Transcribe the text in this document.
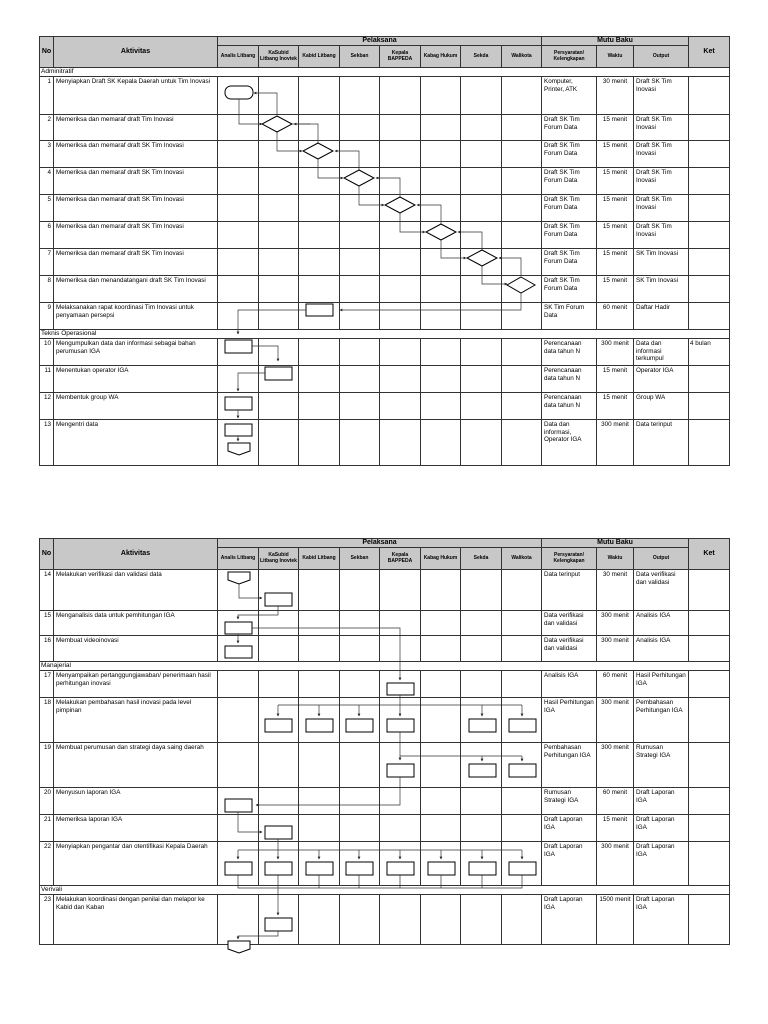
No	Aktivitas	Pelaksana								Mutu Baku			Ket
		Analis Litbang	KaSubid Litbang Inovtek	Kabid Litbang	Sekban	Kepala BAPPEDA	Kabag Hukum	Sekda	Walikota	Persyaratan/ Kelengkapan	Waktu	Output	
Adminitratif													
1	Menyiapkan Draft SK Kepala Daerah untuk Tim Inovasi									Komputer, Printer, ATK	30 menit	Draft SK Tim Inovasi	
2	Memeriksa dan memaraf draft Tim Inovasi									Draft SK Tim Forum Data	15 menit	Draft SK Tim Inovasi	
3	Memeriksa dan memaraf draft SK Tim Inovasi									Draft SK Tim Forum Data	15 menit	Draft SK Tim Inovasi	
4	Memeriksa dan memaraf draft SK Tim Inovasi									Draft SK Tim Forum Data	15 menit	Draft SK Tim Inovasi	
5	Memeriksa dan memaraf draft SK Tim Inovasi									Draft SK Tim Forum Data	15 menit	Draft SK Tim Inovasi	
6	Memeriksa dan memaraf draft SK Tim Inovasi									Draft SK Tim Forum Data	15 menit	Draft SK Tim Inovasi	
7	Memeriksa dan memaraf draft SK Tim Inovasi									Draft SK Tim Forum Data	15 menit	SK Tim Inovasi	
8	Memeriksa dan menandatangani draft SK Tim Inovasi									Draft SK Tim Forum Data	15 menit	SK Tim Inovasi	
9	Melaksanakan rapat koordinasi Tim Inovasi untuk penyamaan persepsi									SK Tim Forum Data	60 menit	Daftar Hadir	
Teknis Operasional													
10	Mengumpulkan data dan informasi sebagai bahan perumusan IGA									Perencanaan data tahun N	300 menit	Data dan informasi terkumpul	4 bulan
11	Menentukan operator IGA									Perencanaan data tahun N	15 menit	Operator IGA	
12	Membentuk group WA									Perencanaan data tahun N	15 menit	Group WA	
13	Mengentri data									Data dan informasi, Operator IGA	300 menit	Data terinput	
No	Aktivitas	Pelaksana								Mutu Baku			Ket
		Analis Litbang	KaSubid Litbang Inovtek	Kabid Litbang	Sekban	Kepala BAPPEDA	Kabag Hukum	Sekda	Walikota	Persyaratan/ Kelengkapan	Waktu	Output	
14	Melakukan verifikasi dan validasi data									Data terinput	30 menit	Data verifikasi dan validasi	
15	Menganalisis data untuk pemhitungan IGA									Data verifikasi dan validasi	300 menit	Analisis IGA	
16	Membuat videoinovasi									Data verifikasi dan validasi	300 menit	Analisis IGA	
Manajerial													
17	Menyampaikan pertanggungjawaban/ penerimaan hasil perhitungan inovasi									Analisis IGA	60 menit	Hasil Perhitungan IGA	
18	Melakukan pembahasan hasil inovasi pada level pimpinan									Hasil Perhitungan IGA	300 menit	Pembahasan Perhitungan IGA	
19	Membuat perumusan dan strategi daya saing daerah									Pembahasan Perhitungan IGA	300 menit	Rumusan Strategi IGA	
20	Menyusun laporan IGA									Rumusan Strategi IGA	60 menit	Draft Laporan IGA	
21	Memeriksa laporan IGA									Draft Laporan IGA	15 menit	Draft Laporan IGA	
22	Menyiapkan pengantar dan otentifikasi Kepala Daerah									Draft Laporan IGA	300 menit	Draft Laporan IGA	
Verivali													
23	Melakukan koordinasi dengan penilai dan melapor ke Kabid dan Kaban									Draft Laporan IGA	1500 menit	Draft Laporan IGA	
